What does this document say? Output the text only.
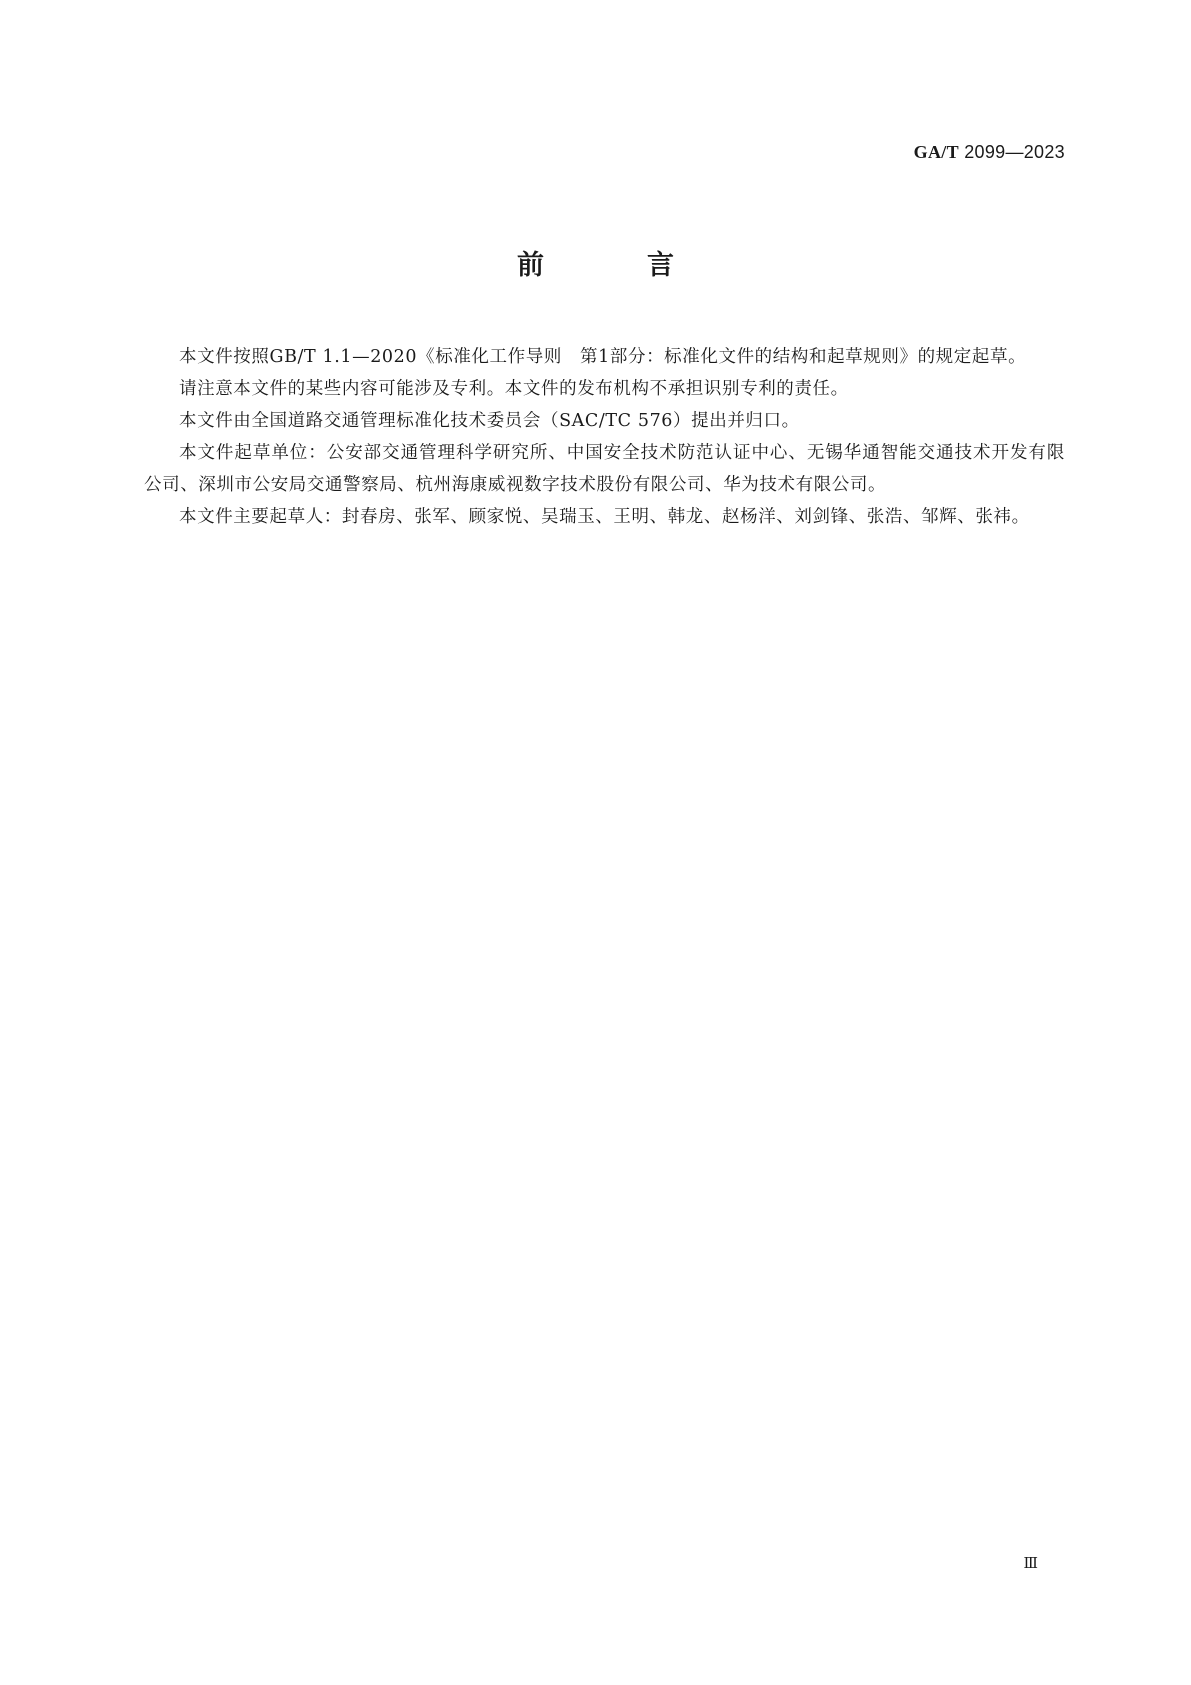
GA/T 2099—2023
前　言

本文件按照GB/T 1.1—2020《标准化工作导则　第1部分：标准化文件的结构和起草规则》的规定起草。

请注意本文件的某些内容可能涉及专利。本文件的发布机构不承担识别专利的责任。

本文件由全国道路交通管理标准化技术委员会（SAC/TC 576）提出并归口。

本文件起草单位：公安部交通管理科学研究所、中国安全技术防范认证中心、无锡华通智能交通技术开发有限公司、深圳市公安局交通警察局、杭州海康威视数字技术股份有限公司、华为技术有限公司。

本文件主要起草人：封春房、张军、顾家悦、吴瑞玉、王明、韩龙、赵杨洋、刘剑锋、张浩、邹辉、张祎。

Ⅲ
